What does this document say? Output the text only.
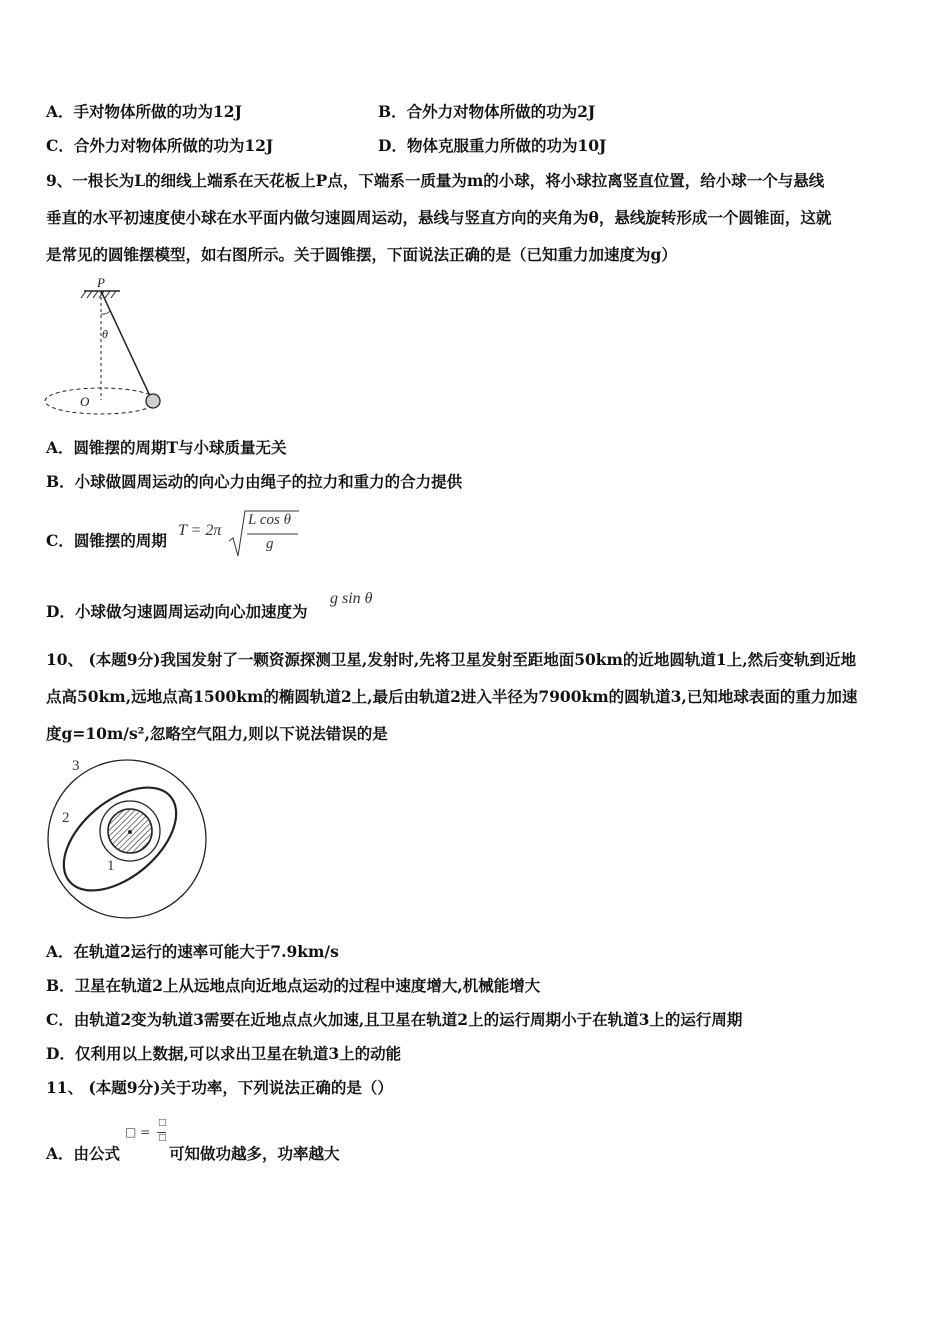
A．手对物体所做的功为12J	B．合外力对物体所做的功为2J
C．合外力对物体所做的功为12J	D．物体克服重力所做的功为10J
9、一根长为L的细线上端系在天花板上P点，下端系一质量为m的小球，将小球拉离竖直位置，给小球一个与悬线
垂直的水平初速度使小球在水平面内做匀速圆周运动，悬线与竖直方向的夹角为θ，悬线旋转形成一个圆锥面，这就
是常见的圆锥摆模型，如右图所示。关于圆锥摆，下面说法正确的是（已知重力加速度为g）
P
θ
O
A．圆锥摆的周期T与小球质量无关
B．小球做圆周运动的向心力由绳子的拉力和重力的合力提供
C．圆锥摆的周期
T = 2π
L cos θ
g
D．小球做匀速圆周运动向心加速度为
g sin θ
10、 (本题9分)我国发射了一颗资源探测卫星,发射时,先将卫星发射至距地面50km的近地圆轨道1上,然后变轨到近地
点高50km,远地点高1500km的椭圆轨道2上,最后由轨道2进入半径为7900km的圆轨道3,已知地球表面的重力加速
度g=10m/s²,忽略空气阻力,则以下说法错误的是
3
2
1
A．在轨道2运行的速率可能大于7.9km/s
B．卫星在轨道2上从远地点向近地点运动的过程中速度增大,机械能增大
C．由轨道2变为轨道3需要在近地点点火加速,且卫星在轨道2上的运行周期小于在轨道3上的运行周期
D．仅利用以上数据,可以求出卫星在轨道3上的动能
11、 (本题9分)关于功率，下列说法正确的是（）
A．由公式
□ =
□
□
可知做功越多，功率越大
